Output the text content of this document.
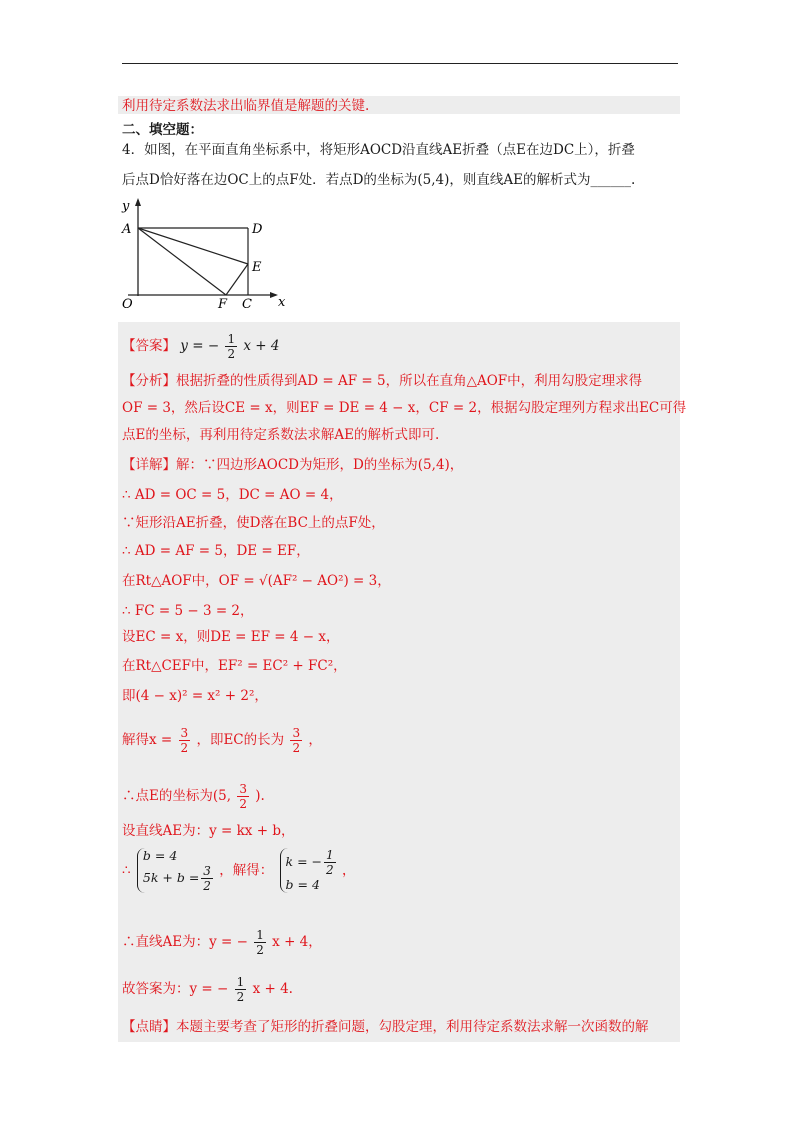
利用待定系数法求出临界值是解题的关键.
二、填空题：
4．如图，在平面直角坐标系中，将矩形AOCD沿直线AE折叠（点E在边DC上），折叠
后点D恰好落在边OC上的点F处．若点D的坐标为(5,4)，则直线AE的解析式为______.
y
A	D
E
O	F C x
【答案】 y = − $\frac{1}{2}$ x + 4
【分析】根据折叠的性质得到AD = AF = 5，所以在直角△AOF中，利用勾股定理求得
OF = 3，然后设CE = x，则EF = DE = 4 − x，CF = 2，根据勾股定理列方程求出EC可得
点E的坐标，再利用待定系数法求解AE的解析式即可.
【详解】解：∵四边形AOCD为矩形，D的坐标为(5,4)，
∴ AD = OC = 5，DC = AO = 4，
∵矩形沿AE折叠，使D落在BC上的点F处，
∴ AD = AF = 5，DE = EF，
在Rt△AOF中，OF = √(AF² − AO²) = 3，
∴ FC = 5 − 3 = 2，
设EC = x，则DE = EF = 4 − x，
在Rt△CEF中，EF² = EC² + FC²，
即(4 − x)² = x² + 2²，
解得$x = \frac{3}{2}$ ，即EC的长为 $\frac{3}{2}$ ，
∴点E的坐标为(5, $\frac{3}{2}$ ).
设直线AE为：y = kx + b，
∴
b = 4
$5k + b = \frac{3}{2}$ ，解得：
k = − $\frac{1}{2}$
b = 4
，
∴直线AE为：y = − $\frac{1}{2}$ x + 4，
故答案为：y = − $\frac{1}{2}$ x + 4.
【点睛】本题主要考查了矩形的折叠问题，勾股定理，利用待定系数法求解一次函数的解
